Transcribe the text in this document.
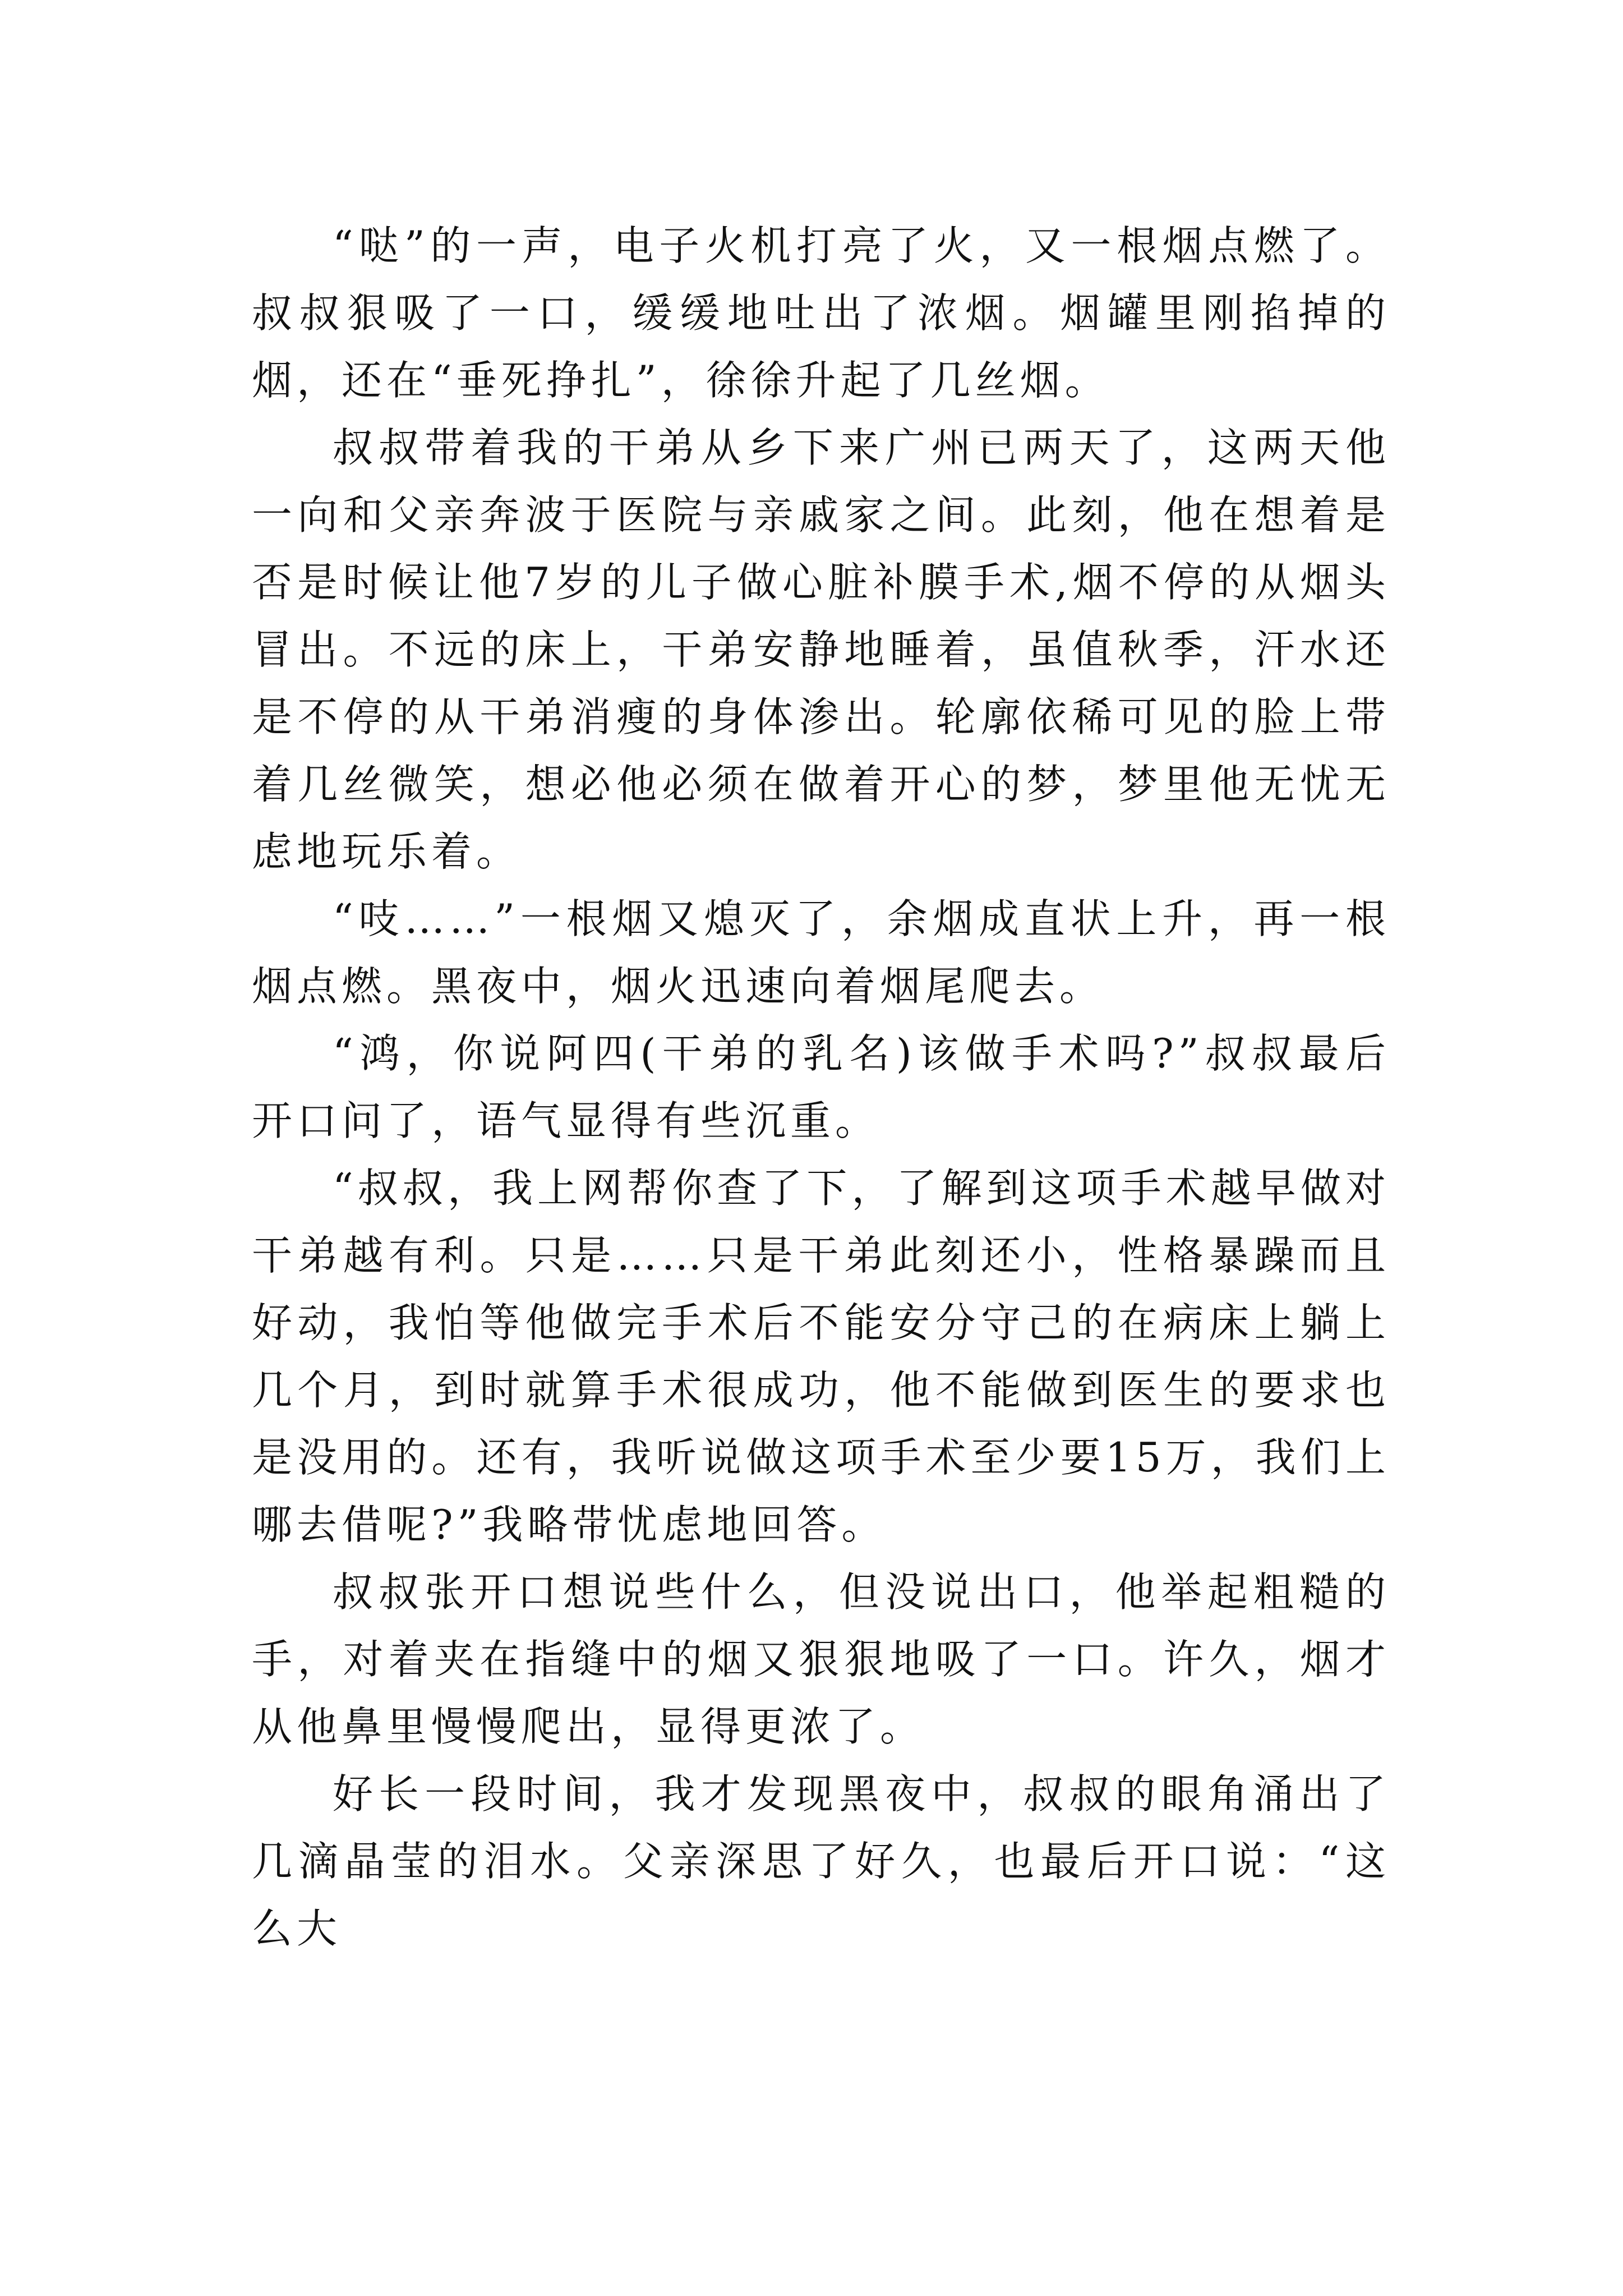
“哒”的一声，电子火机打亮了火，又一根烟点燃了。叔叔狠吸了一口，缓缓地吐出了浓烟。烟罐里刚掐掉的烟，还在“垂死挣扎”，徐徐升起了几丝烟。

叔叔带着我的干弟从乡下来广州已两天了，这两天他一向和父亲奔波于医院与亲戚家之间。此刻，他在想着是否是时候让他7岁的儿子做心脏补膜手术,烟不停的从烟头冒出。不远的床上，干弟安静地睡着，虽值秋季，汗水还是不停的从干弟消瘦的身体渗出。轮廓依稀可见的脸上带着几丝微笑，想必他必须在做着开心的梦，梦里他无忧无虑地玩乐着。

“吱……”一根烟又熄灭了，余烟成直状上升，再一根烟点燃。黑夜中，烟火迅速向着烟尾爬去。

“鸿，你说阿四(干弟的乳名)该做手术吗?”叔叔最后开口问了，语气显得有些沉重。

“叔叔，我上网帮你查了下，了解到这项手术越早做对干弟越有利。只是……只是干弟此刻还小，性格暴躁而且好动，我怕等他做完手术后不能安分守己的在病床上躺上几个月，到时就算手术很成功，他不能做到医生的要求也是没用的。还有，我听说做这项手术至少要15万，我们上哪去借呢?”我略带忧虑地回答。

叔叔张开口想说些什么，但没说出口，他举起粗糙的手，对着夹在指缝中的烟又狠狠地吸了一口。许久，烟才从他鼻里慢慢爬出，显得更浓了。

好长一段时间，我才发现黑夜中，叔叔的眼角涌出了几滴晶莹的泪水。父亲深思了好久，也最后开口说：“这么大
